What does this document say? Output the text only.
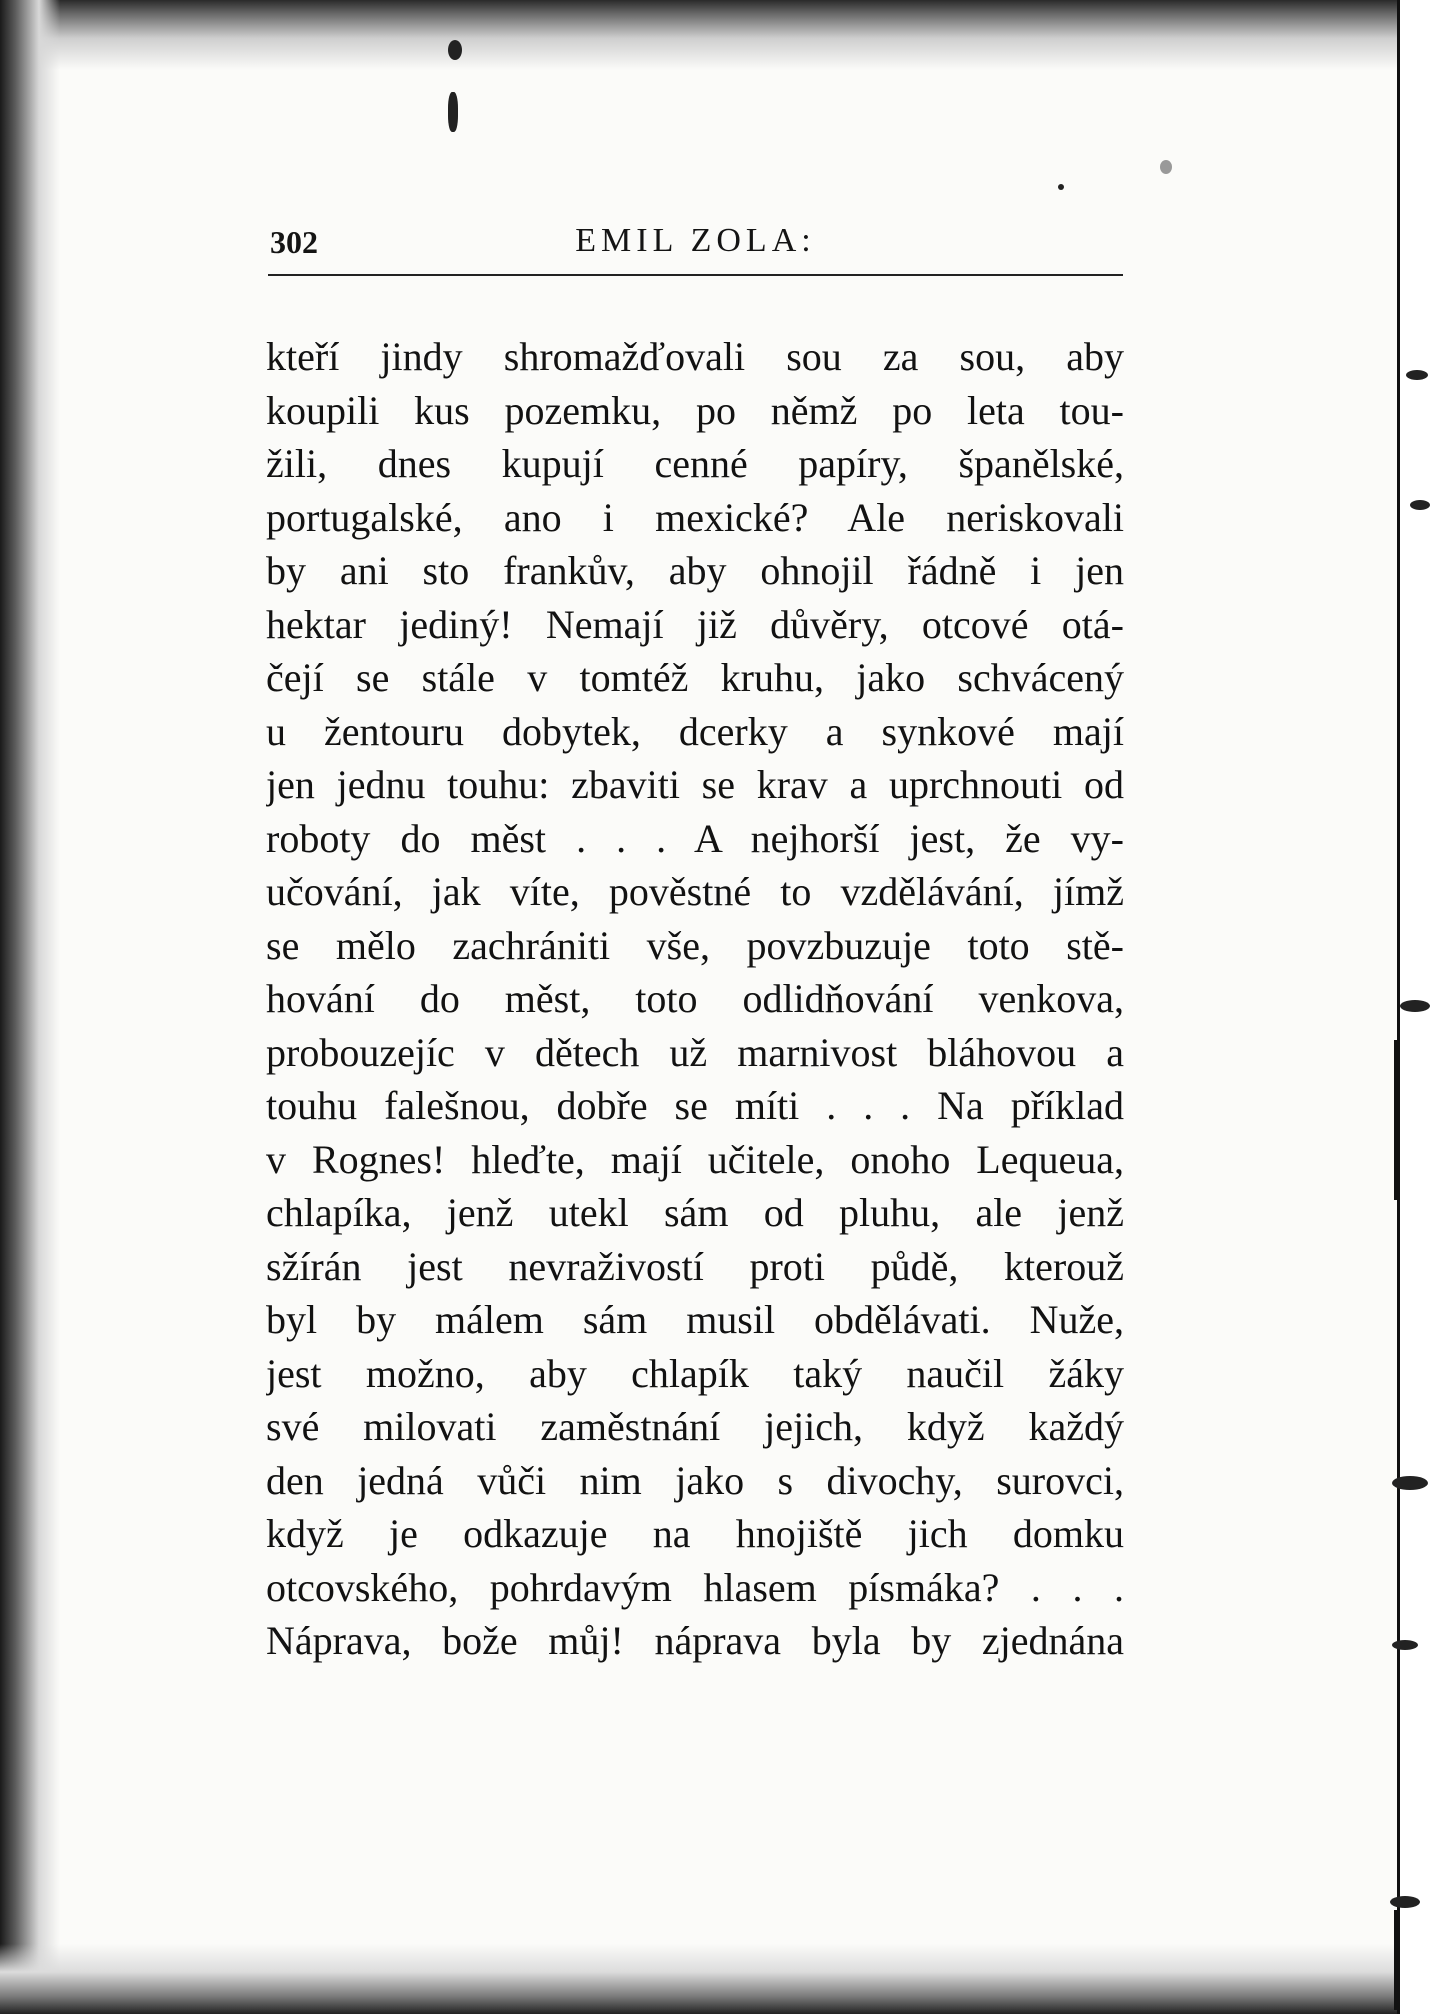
302	EMIL ZOLA:
kteří jindy shromažďovali sou za sou, aby
koupili kus pozemku, po němž po leta tou-
žili, dnes kupují cenné papíry, španělské,
portugalské, ano i mexické? Ale neriskovali
by ani sto frankův, aby ohnojil řádně i jen
hektar jediný! Nemají již důvěry, otcové otá-
čejí se stále v tomtéž kruhu, jako schvácený
u žentouru dobytek, dcerky a synkové mají
jen jednu touhu: zbaviti se krav a uprchnouti od
roboty do měst . . . A nejhorší jest, že vy-
učování, jak víte, pověstné to vzdělávání, jímž
se mělo zachrániti vše, povzbuzuje toto stě-
hování do měst, toto odlidňování venkova,
probouzejíc v dětech už marnivost bláhovou a
touhu falešnou, dobře se míti . . . Na příklad
v Rognes! hleďte, mají učitele, onoho Lequeua,
chlapíka, jenž utekl sám od pluhu, ale jenž
sžírán jest nevraživostí proti půdě, kterouž
byl by málem sám musil obdělávati. Nuže,
jest možno, aby chlapík taký naučil žáky
své milovati zaměstnání jejich, když každý
den jedná vůči nim jako s divochy, surovci,
když je odkazuje na hnojiště jich domku
otcovského, pohrdavým hlasem písmáka? . . .
Náprava, bože můj! náprava byla by zjednána
